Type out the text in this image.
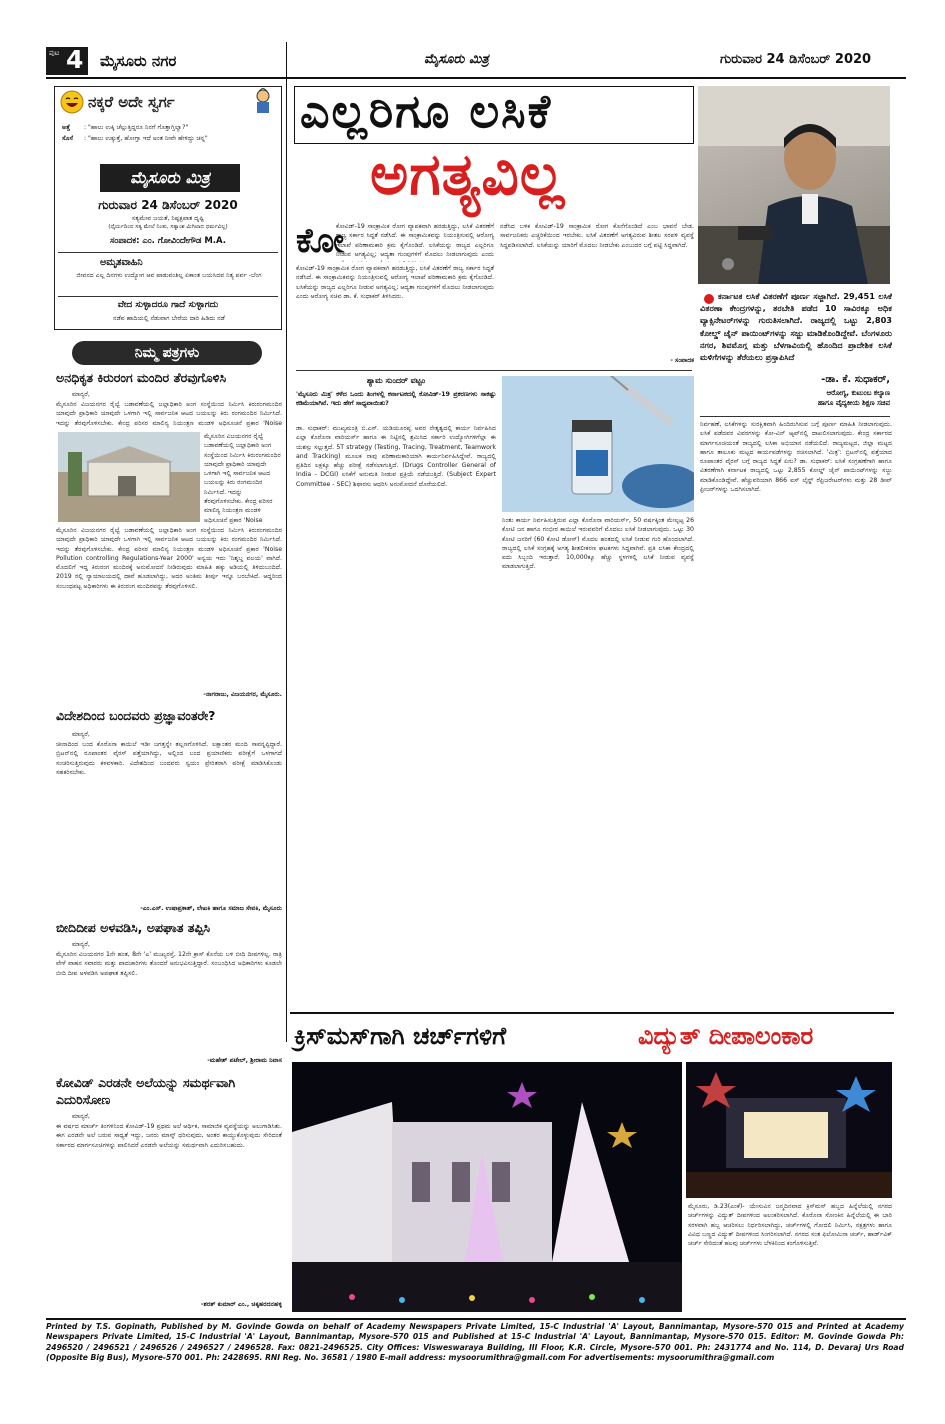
ಪುಟ 4 ಮೈಸೂರು ನಗರ	ಮೈಸೂರು ಮಿತ್ರ	ಗುರುವಾರ 24 ಡಿಸೆಂಬರ್ 2020
ನಕ್ಕರೆ ಅದೇ ಸ್ವರ್ಗ
ಅತ್ತೆ	: "ಹಾಲು ಉಕ್ಕಿ ಚೆಲ್ಲುತ್ತಿದ್ದರೂ ನಿನಗೆ ಗೊತ್ತಾಗ್ತಿಲ್ವಾ?"
ಸೊಸೆ	: "ಹಾಲು ಉಕ್ಕುತ್ತೆ, ಹೋಗ್ತಾ ಇದೆ ಅಂತ ನೀವೇ ಹೇಳಿದ್ದು ಚನ್ನ"
ಮೈಸೂರು ಮಿತ್ರ
ಗುರುವಾರ 24 ಡಿಸೆಂಬರ್ 2020
ಸತ್ಯಮೇವ ಜಯತೆ, ನಿಷ್ಪಕ್ಷಪಾತ ದೃಷ್ಟಿ
(ಧೈರ್ಯದಿಂದ ಸತ್ಯ ಮೇಲೆ ನಿಂತು, ಸತ್ಯಾಂಶ ಮಿಗಿಲಾದ ಧರ್ಮವಿಲ್ಲ)
ಸಂಪಾದಕ: ಎಂ. ಗೋವಿಂದೇಗೌಡ M.A.
ಅಮೃತವಾಹಿನಿ
ಜೀವನದ ಎಲ್ಲ ದಿನಗಳು ಉದ್ಯೋಗ ಆವ ಪಾಡುವಂತಿಲ್ಲ ಏಕಾಂತ ಬಯಸಿದವ ನಿತ್ಯ ಪರ್ವ -ಬೆಂಗ
ವೇದ ಸುಳ್ಳಾದರೂ ಗಾದೆ ಸುಳ್ಳಾಗದು
ನಡೆವ ಹಾದಿಯಲ್ಲಿ ನೆಡುವಾಗ ಬೇರೆಯ ದಾರಿ ಹಿಡಿದು ನಡೆ
ನಿಮ್ಮ ಪತ್ರಗಳು
ಅನಧಿಕೃತ ಕಿರುರಂಗ ಮಂದಿರ ತೆರವುಗೊಳಿಸಿ
ಮಾನ್ಯರೆ,
ಮೈಸೂರಿನ ವಿಜಯನಗರ ರೈಲ್ವೆ ಬಡಾವಣೆಯಲ್ಲಿ ಜಲ್ಲಾಧಿಕಾರಿ ಅಂಗ ಸಂಸ್ಥೆಯಿಂದ ನಿರ್ಮಿಸಿ ಕಿರುರಂಗಮಂದಿರ ಯಾವುದೇ ಪ್ರಾಧಿಕಾರಿ ಯಾವುದೇ ಒಳಗಾಗಿ ಇಲ್ಲಿ ಸಾರ್ವಜನಿಕ ಆಟದ ಬಯಲನ್ನು ಕಿರು ರಂಗಮಂದಿರ ನಿರ್ಮಿಸಿದೆ. ಇದನ್ನು ತೆರವುಗೊಳಿಸಬೇಕು. ಕೇಂದ್ರ ಪರಿಸರ ಮಾಲಿನ್ಯ ನಿಯಂತ್ರಣ ಮಂಡಳಿ ಅಧಿಸೂಚನೆ ಪ್ರಕಾರ 'Noise
ಮೈಸೂರಿನ ವಿಜಯನಗರ ರೈಲ್ವೆ ಬಡಾವಣೆಯಲ್ಲಿ ಜಲ್ಲಾಧಿಕಾರಿ ಅಂಗ ಸಂಸ್ಥೆಯಿಂದ ನಿರ್ಮಿಸಿ ಕಿರುರಂಗಮಂದಿರ ಯಾವುದೇ ಪ್ರಾಧಿಕಾರಿ ಯಾವುದೇ ಒಳಗಾಗಿ ಇಲ್ಲಿ ಸಾರ್ವಜನಿಕ ಆಟದ ಬಯಲನ್ನು ಕಿರು ರಂಗಮಂದಿರ ನಿರ್ಮಿಸಿದೆ. ಇದನ್ನು ತೆರವುಗೊಳಿಸಬೇಕು. ಕೇಂದ್ರ ಪರಿಸರ ಮಾಲಿನ್ಯ ನಿಯಂತ್ರಣ ಮಂಡಳಿ ಅಧಿಸೂಚನೆ ಪ್ರಕಾರ 'Noise
ಮೈಸೂರಿನ ವಿಜಯನಗರ ರೈಲ್ವೆ ಬಡಾವಣೆಯಲ್ಲಿ ಜಲ್ಲಾಧಿಕಾರಿ ಅಂಗ ಸಂಸ್ಥೆಯಿಂದ ನಿರ್ಮಿಸಿ ಕಿರುರಂಗಮಂದಿರ ಯಾವುದೇ ಪ್ರಾಧಿಕಾರಿ ಯಾವುದೇ ಒಳಗಾಗಿ ಇಲ್ಲಿ ಸಾರ್ವಜನಿಕ ಆಟದ ಬಯಲನ್ನು ಕಿರು ರಂಗಮಂದಿರ ನಿರ್ಮಿಸಿದೆ. ಇದನ್ನು ತೆರವುಗೊಳಿಸಬೇಕು. ಕೇಂದ್ರ ಪರಿಸರ ಮಾಲಿನ್ಯ ನಿಯಂತ್ರಣ ಮಂಡಳಿ ಅಧಿಸೂಚನೆ ಪ್ರಕಾರ 'Noise Pollution controlling Regulations-Year 2000' ಅನ್ವಯ ಇದು 'ನಿಶ್ಶಬ್ದ ವಲಯ' ವಾಗಿದೆ. ಮೊದಲಿಗೆ ಇದ್ದ ಕಿರುರಂಗ ಮಂದಿರಕ್ಕೆ ಅನುಮೋದನೆ ನೀಡಿರುವುದು ಮಾಹಿತಿ ಹಕ್ಕು ಅಡಿಯಲ್ಲಿ ತಿಳಿದುಬಂದಿದೆ. 2019 ರಲ್ಲಿ ನ್ಯಾಯಾಲಯದಲ್ಲಿ ದಾವೆ ಹೂಡಲಾಗಿದ್ದು, ಅದರ ಅಂತಿಮ ತೀರ್ಪು ಇನ್ನೂ ಬರಬೇಕಿದೆ. ಆದ್ದರಿಂದ ಸಂಬಂಧಪಟ್ಟ ಅಧಿಕಾರಿಗಳು ಈ ಕಿರುರಂಗ ಮಂದಿರವನ್ನು ತೆರವುಗೊಳಿಸಲಿ.
-ನಾಗರಾಜು, ವಿಜಯನಗರ, ಮೈಸೂರು.
ವಿದೇಶದಿಂದ ಬಂದವರು ಪ್ರಜ್ಞಾವಂತರೇ?
ಮಾನ್ಯರೆ,
ಚೀನಾದಿಂದ ಬಂದ ಕೊರೊನಾ ಕಾಯಿಲೆ ಇಡೀ ಜಗತ್ತನ್ನೇ ತಲ್ಲಣಗೊಳಿಸಿದೆ. ಲಕ್ಷಾಂತರ ಮಂದಿ ಸಾವನ್ನಪ್ಪಿದ್ದಾರೆ. ಬ್ರಿಟನ್‌ನಲ್ಲಿ ರೂಪಾಂತರ ವೈರಸ್ ಪತ್ತೆಯಾಗಿದ್ದು, ಅಲ್ಲಿಂದ ಬಂದ ಪ್ರಯಾಣಿಕರು ಪರೀಕ್ಷೆಗೆ ಒಳಗಾಗದೆ ಸಂಚರಿಸುತ್ತಿರುವುದು ಕಳವಳಕಾರಿ. ವಿದೇಶದಿಂದ ಬಂದವರು ಸ್ವಯಂ ಪ್ರೇರಿತರಾಗಿ ಪರೀಕ್ಷೆ ಮಾಡಿಸಿಕೊಂಡು ಸಹಕರಿಸಬೇಕು.
-ಎಂ.ಎಸ್. ಉಷಾಪ್ರಕಾಶ್, ಲೇಖಕಿ ಹಾಗೂ ಸಮಾಜ ಸೇವಕಿ, ಮೈಸೂರು
ಬೀದಿದೀಪ ಅಳವಡಿಸಿ, ಅಪಘಾತ ತಪ್ಪಿಸಿ
ಮಾನ್ಯರೆ,
ಮೈಸೂರಿನ ವಿಜಯನಗರ 1ನೇ ಹಂತ, 8ನೇ 'ಎ' ಮುಖ್ಯರಸ್ತೆ, 12ನೇ ಕ್ರಾಸ್ ಕೊನೆಯ ಬಳಿ ಬೀದಿ ದೀಪಗಳಿಲ್ಲ. ರಾತ್ರಿ ವೇಳೆ ವಾಹನ ಸವಾರರು ಮತ್ತು ಪಾದಚಾರಿಗಳು ತೊಂದರೆ ಅನುಭವಿಸುತ್ತಿದ್ದಾರೆ. ಸಂಬಂಧಿಸಿದ ಅಧಿಕಾರಿಗಳು ಕೂಡಲೇ ಬೀದಿ ದೀಪ ಅಳವಡಿಸಿ ಅಪಘಾತ ತಪ್ಪಿಸಲಿ.
-ಮಹೇಶ್ ಪಟೇಲ್, ಶ್ರೀರಾಮ ನಿವಾಸ
ಕೋವಿಡ್ ಎರಡನೇ ಅಲೆಯನ್ನು ಸಮರ್ಥವಾಗಿ ಎದುರಿಸೋಣ
ಮಾನ್ಯರೆ,
ಈ ವರ್ಷದ ಮಾರ್ಚ್ ತಿಂಗಳಿನಿಂದ ಕೋವಿಡ್-19 ಪ್ರಥಮ ಅಲೆ ಆರ್ಥಿಕ, ಸಾಮಾಜಿಕ ವ್ಯವಸ್ಥೆಯನ್ನು ಅಲುಗಾಡಿಸಿತು. ಈಗ ಎರಡನೇ ಅಲೆ ಬರುವ ಸಾಧ್ಯತೆ ಇದ್ದು, ಜನರು ಮಾಸ್ಕ್ ಧರಿಸುವುದು, ಅಂತರ ಕಾಯ್ದುಕೊಳ್ಳುವುದು ಸೇರಿದಂತೆ ಸರ್ಕಾರದ ಮಾರ್ಗಸೂಚಿಗಳನ್ನು ಪಾಲಿಸಿದರೆ ಎರಡನೇ ಅಲೆಯನ್ನು ಸಮರ್ಥವಾಗಿ ಎದುರಿಸಬಹುದು.
-ಶರತ್ ಕುಮಾರ್ ಎಂ., ಚಿಕ್ಕಹರದನಹಳ್ಳಿ
ಎಲ್ಲರಿಗೂ ಲಸಿಕೆ
ಅಗತ್ಯವಿಲ್ಲ
ಕೋ
ಕೋವಿಡ್-19 ಸಾಂಕ್ರಾಮಿಕ ರೋಗ ವ್ಯಾಪಕವಾಗಿ ಹರಡುತ್ತಿದ್ದು, ಲಸಿಕೆ ವಿತರಣೆಗೆ ರಾಜ್ಯ ಸರ್ಕಾರ ಸಿದ್ಧತೆ ನಡೆಸಿದೆ. ಈ ಸಾಂಕ್ರಾಮಿಕವನ್ನು ನಿಯಂತ್ರಿಸುವಲ್ಲಿ ಆರೋಗ್ಯ ಇಲಾಖೆ ಪರಿಣಾಮಕಾರಿ ಕ್ರಮ ಕೈಗೊಂಡಿದೆ. ಲಸಿಕೆಯನ್ನು ರಾಜ್ಯದ ಎಲ್ಲರಿಗೂ ನೀಡುವ ಅಗತ್ಯವಿಲ್ಲ; ಆದ್ಯತಾ ಗುಂಪುಗಳಿಗೆ ಮೊದಲು ನೀಡಲಾಗುವುದು ಎಂದು
ಕೋವಿಡ್-19 ಸಾಂಕ್ರಾಮಿಕ ರೋಗ ವ್ಯಾಪಕವಾಗಿ ಹರಡುತ್ತಿದ್ದು, ಲಸಿಕೆ ವಿತರಣೆಗೆ ರಾಜ್ಯ ಸರ್ಕಾರ ಸಿದ್ಧತೆ ನಡೆಸಿದೆ. ಈ ಸಾಂಕ್ರಾಮಿಕವನ್ನು ನಿಯಂತ್ರಿಸುವಲ್ಲಿ ಆರೋಗ್ಯ ಇಲಾಖೆ ಪರಿಣಾಮಕಾರಿ ಕ್ರಮ ಕೈಗೊಂಡಿದೆ. ಲಸಿಕೆಯನ್ನು ರಾಜ್ಯದ ಎಲ್ಲರಿಗೂ ನೀಡುವ ಅಗತ್ಯವಿಲ್ಲ; ಆದ್ಯತಾ ಗುಂಪುಗಳಿಗೆ ಮೊದಲು ನೀಡಲಾಗುವುದು ಎಂದು ಆರೋಗ್ಯ ಸಚಿವ ಡಾ. ಕೆ. ಸುಧಾಕರ್ ತಿಳಿಸಿದರು.
ನಡೆಸಿದ ಬಳಿಕ ಕೋವಿಡ್-19 ಸಾಂಕ್ರಾಮಿಕ ರೋಗ ಕೊನೆಗೊಂಡಿದೆ ಎಂಬ ಭಾವನೆ ಬೇಡ. ಸಾರ್ವಜನಿಕರು ಎಚ್ಚರಿಕೆಯಿಂದ ಇರಬೇಕು. ಲಸಿಕೆ ವಿತರಣೆಗೆ ಅಗತ್ಯವಿರುವ ಶೀತಲ ಸರಪಳಿ ವ್ಯವಸ್ಥೆ ಸಿದ್ಧಪಡಿಸಲಾಗಿದೆ. ಲಸಿಕೆಯನ್ನು ಯಾರಿಗೆ ಮೊದಲು ನೀಡಬೇಕು ಎಂಬುದರ ಬಗ್ಗೆ ಪಟ್ಟಿ ಸಿದ್ಧವಾಗಿದೆ.
- ಸಂಪಾದಕ
ಕರ್ನಾಟಕ ಲಸಿಕೆ ವಿತರಣೆಗೆ ಪೂರ್ಣ ಸಜ್ಜಾಗಿದೆ. 29,451 ಲಸಿಕೆ ವಿತರಣಾ ಕೇಂದ್ರಗಳನ್ನು, ತರಬೇತಿ ಪಡೆದ 10 ಸಾವಿರಕ್ಕೂ ಅಧಿಕ ವ್ಯಾಕ್ಸಿನೇಟರ್‌ಗಳನ್ನು ಗುರುತಿಸಲಾಗಿದೆ. ರಾಜ್ಯದಲ್ಲಿ ಒಟ್ಟು 2,803 ಕೋಲ್ಡ್ ಚೈನ್ ಪಾಯಿಂಟ್‌ಗಳನ್ನು ಸಜ್ಜು ಮಾಡಿಕೊಂಡಿದ್ದೇವೆ. ಬೆಂಗಳೂರು ನಗರ, ಶಿವಮೊಗ್ಗ ಮತ್ತು ಬೆಳಗಾವಿಯಲ್ಲಿ ಹೊಂದಿದ ಪ್ರಾದೇಶಿಕ ಲಸಿಕೆ ಮಳಿಗೆಗಳನ್ನು ತೆರೆಯಲು ಪ್ರಸ್ತಾಪಿಸಿದೆ
-ಡಾ. ಕೆ. ಸುಧಾಕರ್,
ಆರೋಗ್ಯ, ಕುಟುಂಬ ಕಲ್ಯಾಣ
ಹಾಗೂ ವೈದ್ಯಕೀಯ ಶಿಕ್ಷಣ ಸಚಿವ
ಶ್ಯಾಮ ಸುಂದರ್ ವಟ್ಟಂ
'ಮೈಸೂರು ಮಿತ್ರ' ಕಳೆದ ಒಂದು ತಿಂಗಳಲ್ಲಿ ಕರ್ನಾಟಕದಲ್ಲಿ ಕೋವಿಡ್-19 ಪ್ರಕರಣಗಳು ಸಾಕಷ್ಟು ಕಡಿಮೆಯಾಗಿವೆ. ಇದು ಹೇಗೆ ಸಾಧ್ಯವಾಯಿತು?
ಡಾ. ಸುಧಾಕರ್: ಮುಖ್ಯಮಂತ್ರಿ ಬಿ.ಎಸ್. ಯಡಿಯೂರಪ್ಪ ಅವರ ನೇತೃತ್ವದಲ್ಲಿ ಕಾರ್ಯ ನಿರ್ವಹಿಸಿದ ಎಲ್ಲಾ ಕೊರೊನಾ ವಾರಿಯರ್ಸ್ ಹಾಗೂ ಈ ನಿಟ್ಟಿನಲ್ಲಿ ಶ್ರಮಿಸಿದ ಸರ್ಕಾರಿ ಉದ್ಯೋಗಿಗಳಿಗೆಲ್ಲಾ ಈ ಯಶಸ್ಸು ಸಲ್ಲುತ್ತದೆ. 5T strategy (Testing, Tracing, Treatment, Teamwork and Tracking) ಮೂಲಕ ನಾವು ಪರಿಣಾಮಕಾರಿಯಾಗಿ ಕಾರ್ಯನಿರ್ವಹಿಸಿದ್ದೇವೆ. ರಾಜ್ಯದಲ್ಲಿ ಪ್ರತಿದಿನ ಲಕ್ಷಕ್ಕೂ ಹೆಚ್ಚು ಪರೀಕ್ಷೆ ನಡೆಸಲಾಗುತ್ತಿದೆ. (Drugs Controller General of India - DCGI) ಲಸಿಕೆಗೆ ಅನುಮತಿ ನೀಡುವ ಪ್ರಕ್ರಿಯೆ ನಡೆಯುತ್ತಿದೆ. (Subject Expert Committee - SEC) ಶಿಫಾರಸು ಆಧರಿಸಿ ಅನುಮೋದನೆ ದೊರೆಯಲಿದೆ.
ನಿಂತು ಕಾರ್ಯ ನಿರ್ವಹಿಸುತ್ತಿರುವ ಎಲ್ಲಾ ಕೊರೊನಾ ವಾರಿಯರ್ಸ್, 50 ವರ್ಷಕ್ಕಿಂತ ಮೇಲ್ಪಟ್ಟ 26 ಕೋಟಿ ಜನ ಹಾಗೂ ಗಂಭೀರ ಕಾಯಿಲೆ ಇರುವವರಿಗೆ ಮೊದಲು ಲಸಿಕೆ ನೀಡಲಾಗುವುದು. ಒಟ್ಟು 30 ಕೋಟಿ ಜನರಿಗೆ (60 ಕೋಟಿ ಡೋಸ್) ಮೊದಲ ಹಂತದಲ್ಲಿ ಲಸಿಕೆ ನೀಡುವ ಗುರಿ ಹೊಂದಲಾಗಿದೆ. ರಾಜ್ಯದಲ್ಲಿ ಲಸಿಕೆ ಸಂಗ್ರಹಕ್ಕೆ ಅಗತ್ಯ ಶೀತಲೀಕರಣ ಘಟಕಗಳು ಸಿದ್ಧವಾಗಿವೆ. ಪ್ರತಿ ಲಸಿಕಾ ಕೇಂದ್ರದಲ್ಲಿ ಐದು ಸಿಬ್ಬಂದಿ ಇರುತ್ತಾರೆ. 10,000ಕ್ಕೂ ಹೆಚ್ಚು ಸ್ಥಳಗಳಲ್ಲಿ ಲಸಿಕೆ ನೀಡುವ ವ್ಯವಸ್ಥೆ ಮಾಡಲಾಗುತ್ತಿದೆ.
ನಿರ್ವಹಣೆ, ಲಸಿಕೆಗಳನ್ನು ಸುರಕ್ಷಿತವಾಗಿ ಹಿಂದಿರುಗಿಸುವ ಬಗ್ಗೆ ಪೂರ್ಣ ಮಾಹಿತಿ ನೀಡಲಾಗುವುದು. ಲಸಿಕೆ ಪಡೆದವರ ವಿವರಗಳನ್ನು ಕೋ-ವಿನ್ ಆ್ಯಪ್‌ನಲ್ಲಿ ದಾಖಲಿಸಲಾಗುವುದು. ಕೇಂದ್ರ ಸರ್ಕಾರದ ಮಾರ್ಗಸೂಚಿಯಂತೆ ರಾಜ್ಯದಲ್ಲಿ ಲಸಿಕಾ ಅಭಿಯಾನ ನಡೆಯಲಿದೆ. ರಾಜ್ಯಮಟ್ಟದ, ಜಿಲ್ಲಾ ಮಟ್ಟದ ಹಾಗೂ ತಾಲೂಕು ಮಟ್ಟದ ಕಾರ್ಯಪಡೆಗಳನ್ನು ರಚಿಸಲಾಗಿದೆ. 'ಮಿತ್ರ': ಬ್ರಿಟನ್‌ನಲ್ಲಿ ಪತ್ತೆಯಾದ ರೂಪಾಂತರ ವೈರಸ್ ಬಗ್ಗೆ ರಾಜ್ಯದ ಸಿದ್ಧತೆ ಏನು? ಡಾ. ಸುಧಾಕರ್: ಲಸಿಕೆ ಸಂಗ್ರಹಣೆಗಾಗಿ ಹಾಗೂ ವಿತರಣೆಗಾಗಿ ಕರ್ನಾಟಕ ರಾಜ್ಯದಲ್ಲಿ ಒಟ್ಟು 2,855 ಕೋಲ್ಡ್ ಚೈನ್ ಪಾಯಿಂಟ್‌ಗಳನ್ನು ಸಜ್ಜು ಮಾಡಿಕೊಂಡಿದ್ದೇವೆ. ಹೆಚ್ಚುವರಿಯಾಗಿ 866 ಐಸ್ ಲೈನ್ಡ್ ರೆಫ್ರಿಜರೇಟರ್‌ಗಳು ಮತ್ತು 28 ಡೀಪ್ ಫ್ರೀಜರ್‌ಗಳನ್ನು ಒದಗಿಸಲಾಗಿದೆ.
ಕ್ರಿಸ್‌ಮಸ್‌ಗಾಗಿ ಚರ್ಚ್‌ಗಳಿಗೆ	ವಿದ್ಯುತ್ ದೀಪಾಲಂಕಾರ
ಮೈಸೂರು, ಡಿ.23(ಎಂಕೆ)- ಯೇಸುವಿನ ಜನ್ಮದಿನವಾದ ಕ್ರಿಸ್‌ಮಸ್ ಹಬ್ಬದ ಹಿನ್ನೆಲೆಯಲ್ಲಿ ನಗರದ ಚರ್ಚ್‌ಗಳನ್ನು ವಿದ್ಯುತ್ ದೀಪಗಳಿಂದ ಅಲಂಕರಿಸಲಾಗಿದೆ. ಕೊರೊನಾ ಸೋಂಕಿನ ಹಿನ್ನೆಲೆಯಲ್ಲಿ ಈ ಬಾರಿ ಸರಳವಾಗಿ ಹಬ್ಬ ಆಚರಿಸಲು ನಿರ್ಧರಿಸಲಾಗಿದ್ದು, ಚರ್ಚ್‌ಗಳಲ್ಲಿ ಗೋದಲಿ ನಿರ್ಮಿಸಿ, ನಕ್ಷತ್ರಗಳು ಹಾಗೂ ವಿವಿಧ ಬಣ್ಣದ ವಿದ್ಯುತ್ ದೀಪಗಳಿಂದ ಸಿಂಗರಿಸಲಾಗಿದೆ. ನಗರದ ಸಂತ ಫಿಲೋಮಿನಾ ಚರ್ಚ್, ಹಾರ್ಡ್‌ವಿಕ್ ಚರ್ಚ್ ಸೇರಿದಂತೆ ಹಲವು ಚರ್ಚ್‌ಗಳು ಬೆಳಕಿನಿಂದ ಕಂಗೊಳಿಸುತ್ತಿವೆ.
Printed by T.S. Gopinath, Published by M. Govinde Gowda on behalf of Academy Newspapers Private Limited, 15-C Industrial 'A' Layout, Bannimantap, Mysore-570 015 and Printed at Academy Newspapers Private Limited, 15-C Industrial 'A' Layout, Bannimantap, Mysore-570 015 and Published at 15-C Industrial 'A' Layout, Bannimantap, Mysore-570 015. Editor: M. Govinde Gowda Ph: 2496520 / 2496521 / 2496526 / 2496527 / 2496528. Fax: 0821-2496525. City Offices: Visweswaraya Building, III Floor, K.R. Circle, Mysore-570 001. Ph: 2431774 and No. 114, D. Devaraj Urs Road (Opposite Big Bus), Mysore-570 001. Ph: 2428695. RNI Reg. No. 36581 / 1980 E-mail address: mysoorumithra@gmail.com For advertisements: mysoorumithra@gmail.com
